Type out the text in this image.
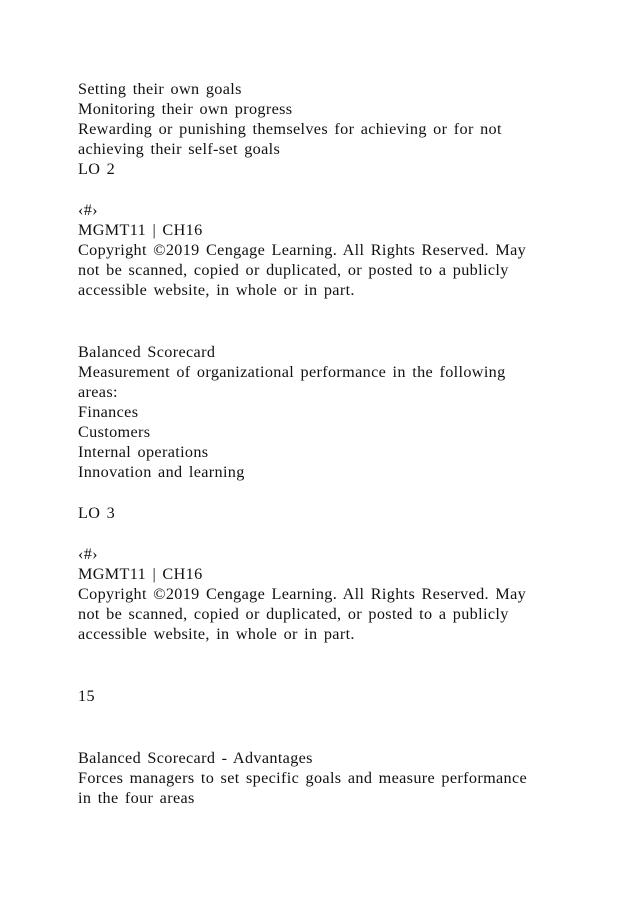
Setting their own goals
Monitoring their own progress
Rewarding or punishing themselves for achieving or for not
achieving their self-set goals
LO 2
‹#›
MGMT11 | CH16
Copyright ©2019 Cengage Learning. All Rights Reserved. May
not be scanned, copied or duplicated, or posted to a publicly
accessible website, in whole or in part.
Balanced Scorecard
Measurement of organizational performance in the following
areas:
Finances
Customers
Internal operations
Innovation and learning
LO 3
‹#›
MGMT11 | CH16
Copyright ©2019 Cengage Learning. All Rights Reserved. May
not be scanned, copied or duplicated, or posted to a publicly
accessible website, in whole or in part.
15
Balanced Scorecard - Advantages
Forces managers to set specific goals and measure performance
in the four areas
